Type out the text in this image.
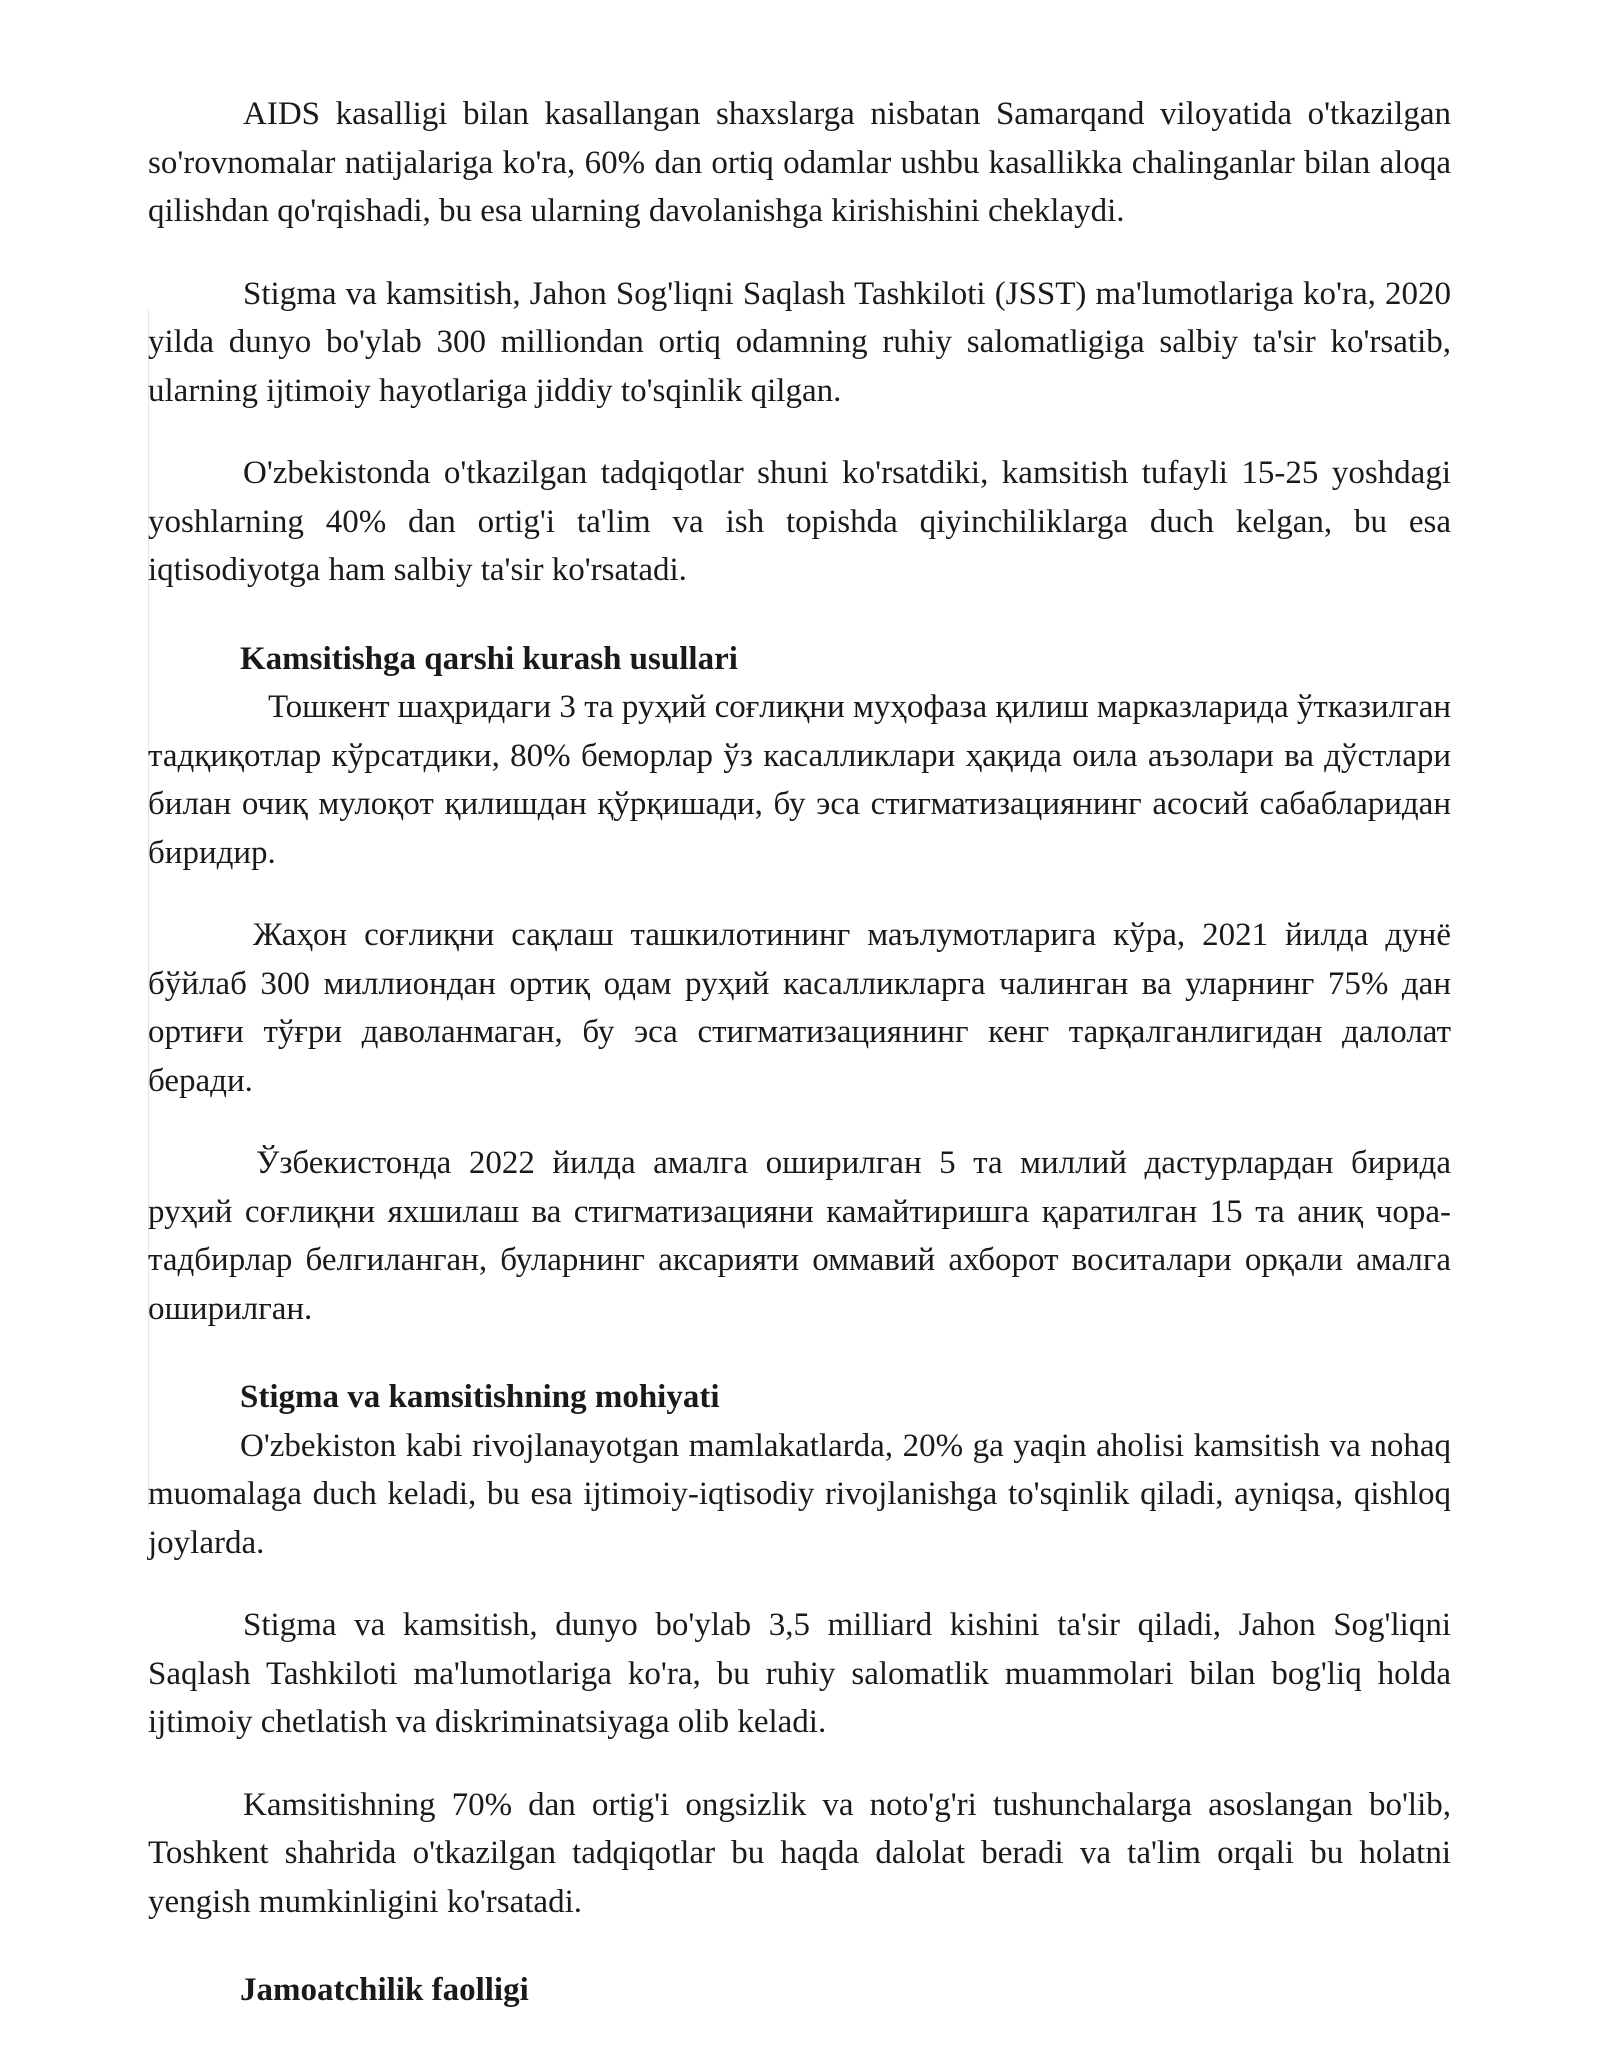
AIDS kasalligi bilan kasallangan shaxslarga nisbatan Samarqand viloyatida o'tkazilgan so'rovnomalar natijalariga ko'ra, 60% dan ortiq odamlar ushbu kasallikka chalinganlar bilan aloqa qilishdan qo'rqishadi, bu esa ularning davolanishga kirishishini cheklaydi.

Stigma va kamsitish, Jahon Sog'liqni Saqlash Tashkiloti (JSST) ma'lumotlariga ko'ra, 2020 yilda dunyo bo'ylab 300 milliondan ortiq odamning ruhiy salomatligiga salbiy ta'sir ko'rsatib, ularning ijtimoiy hayotlariga jiddiy to'sqinlik qilgan.

O'zbekistonda o'tkazilgan tadqiqotlar shuni ko'rsatdiki, kamsitish tufayli 15-25 yoshdagi yoshlarning 40% dan ortig'i ta'lim va ish topishda qiyinchiliklarga duch kelgan, bu esa iqtisodiyotga ham salbiy ta'sir ko'rsatadi.

Kamsitishga qarshi kurash usullari

Тошкент шаҳридаги 3 та руҳий соғлиқни муҳофаза қилиш марказларида ўтказилган тадқиқотлар кўрсатдики, 80% беморлар ўз касалликлари ҳақида оила аъзолари ва дўстлари билан очиқ мулоқот қилишдан қўрқишади, бу эса стигматизациянинг асосий сабабларидан биридир.

Жаҳон соғлиқни сақлаш ташкилотининг маълумотларига кўра, 2021 йилда дунё бўйлаб 300 миллиондан ортиқ одам руҳий касалликларга чалинган ва уларнинг 75% дан ортиғи тўғри даволанмаган, бу эса стигматизациянинг кенг тарқалганлигидан далолат беради.

Ўзбекистонда 2022 йилда амалга оширилган 5 та миллий дастурлардан бирида руҳий соғлиқни яхшилаш ва стигматизацияни камайтиришга қаратилган 15 та аниқ чора-тадбирлар белгиланган, буларнинг аксарияти оммавий ахборот воситалари орқали амалга оширилган.

Stigma va kamsitishning mohiyati

O'zbekiston kabi rivojlanayotgan mamlakatlarda, 20% ga yaqin aholisi kamsitish va nohaq muomalaga duch keladi, bu esa ijtimoiy-iqtisodiy rivojlanishga to'sqinlik qiladi, ayniqsa, qishloq joylarda.

Stigma va kamsitish, dunyo bo'ylab 3,5 milliard kishini ta'sir qiladi, Jahon Sog'liqni Saqlash Tashkiloti ma'lumotlariga ko'ra, bu ruhiy salomatlik muammolari bilan bog'liq holda ijtimoiy chetlatish va diskriminatsiyaga olib keladi.

Kamsitishning 70% dan ortig'i ongsizlik va noto'g'ri tushunchalarga asoslangan bo'lib, Toshkent shahrida o'tkazilgan tadqiqotlar bu haqda dalolat beradi va ta'lim orqali bu holatni yengish mumkinligini ko'rsatadi.

Jamoatchilik faolligi
